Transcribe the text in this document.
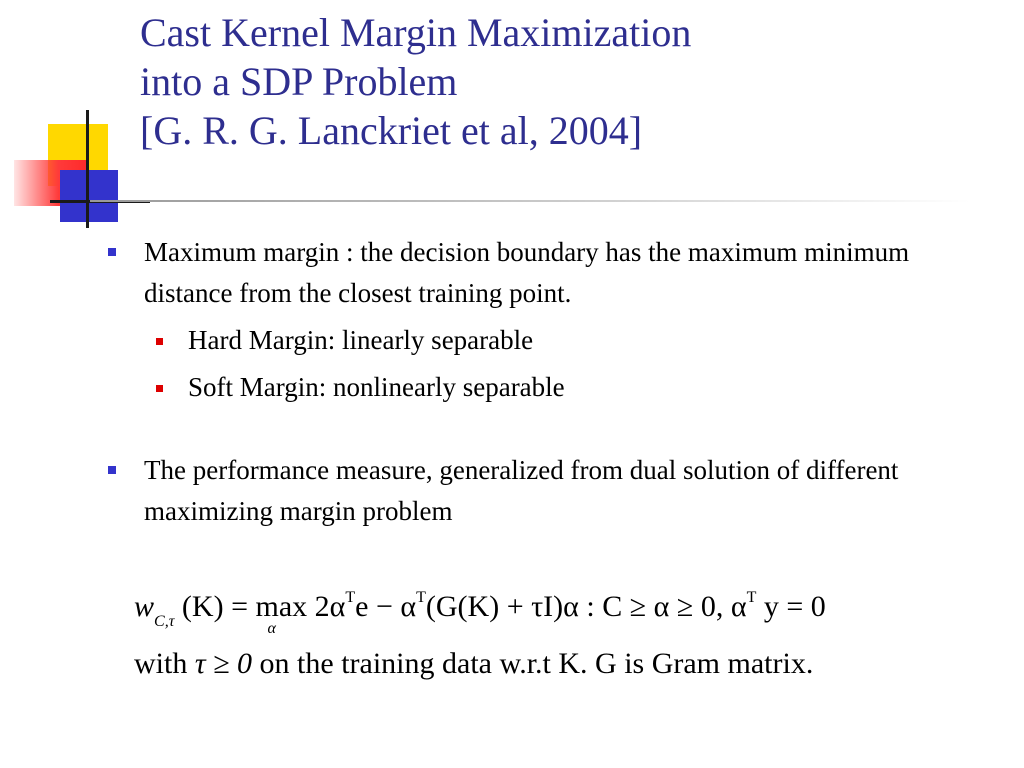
Cast Kernel Margin Maximization
into a SDP Problem
[G. R. G. Lanckriet et al, 2004]
Maximum margin : the decision boundary has the maximum minimum distance from the closest training point.
Hard Margin: linearly separable
Soft Margin: nonlinearly separable
The performance measure, generalized from dual solution of different maximizing margin problem
$w_{C,\tau}$ (K) = max
α
$2\alpha^Te - \alpha^T(G(K) + \tau I)\alpha$ : C ≥ α ≥ 0, $\alpha^T$ y = 0
with τ ≥ 0 on the training data w.r.t K. G is Gram matrix.
